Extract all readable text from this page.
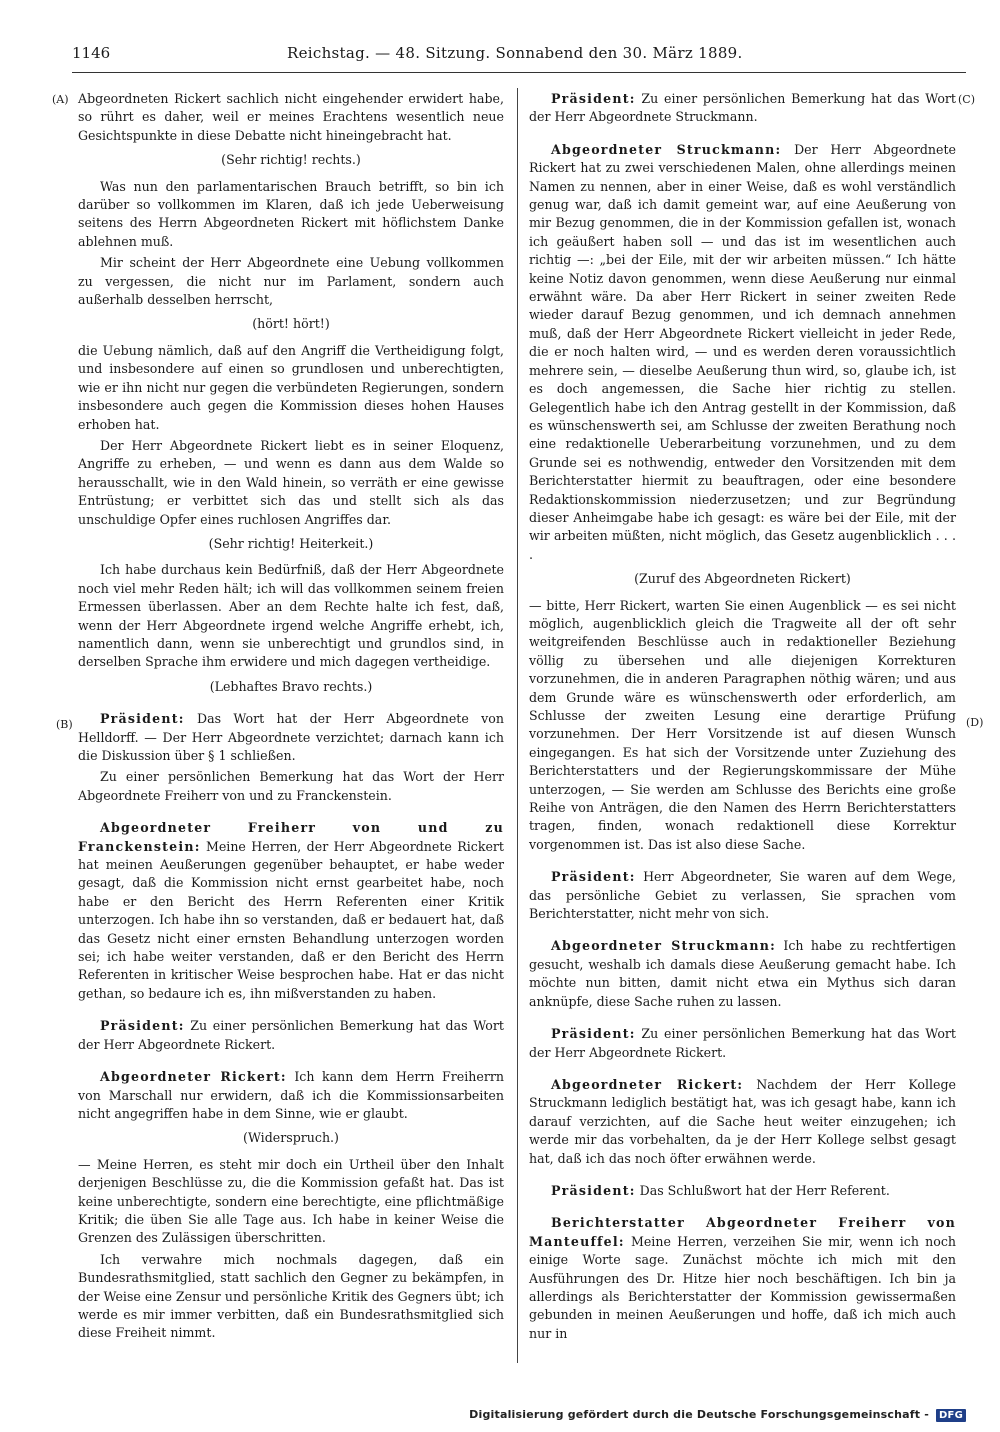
1146	Reichstag. — 48. Sitzung. Sonnabend den 30. März 1889.
(A)
(B)
(C)
(D)

Abgeordneten Rickert sachlich nicht eingehender erwidert habe, so rührt es daher, weil er meines Erachtens wesentlich neue Gesichtspunkte in diese Debatte nicht hineingebracht hat.

(Sehr richtig! rechts.)

Was nun den parlamentarischen Brauch betrifft, so bin ich darüber so vollkommen im Klaren, daß ich jede Ueberweisung seitens des Herrn Abgeordneten Rickert mit höflichstem Danke ablehnen muß.

Mir scheint der Herr Abgeordnete eine Uebung vollkommen zu vergessen, die nicht nur im Parlament, sondern auch außerhalb desselben herrscht,

(hört! hört!)

die Uebung nämlich, daß auf den Angriff die Vertheidigung folgt, und insbesondere auf einen so grundlosen und unberechtigten, wie er ihn nicht nur gegen die verbündeten Regierungen, sondern insbesondere auch gegen die Kommission dieses hohen Hauses erhoben hat.

Der Herr Abgeordnete Rickert liebt es in seiner Eloquenz, Angriffe zu erheben, — und wenn es dann aus dem Walde so herausschallt, wie in den Wald hinein, so verräth er eine gewisse Entrüstung; er verbittet sich das und stellt sich als das unschuldige Opfer eines ruchlosen Angriffes dar.

(Sehr richtig! Heiterkeit.)

Ich habe durchaus kein Bedürfniß, daß der Herr Abgeordnete noch viel mehr Reden hält; ich will das vollkommen seinem freien Ermessen überlassen. Aber an dem Rechte halte ich fest, daß, wenn der Herr Abgeordnete irgend welche Angriffe erhebt, ich, namentlich dann, wenn sie unberechtigt und grundlos sind, in derselben Sprache ihm erwidere und mich dagegen vertheidige.

(Lebhaftes Bravo rechts.)

Präsident: Das Wort hat der Herr Abgeordnete von Helldorff. — Der Herr Abgeordnete verzichtet; darnach kann ich die Diskussion über § 1 schließen.

Zu einer persönlichen Bemerkung hat das Wort der Herr Abgeordnete Freiherr von und zu Franckenstein.

Abgeordneter Freiherr von und zu Franckenstein: Meine Herren, der Herr Abgeordnete Rickert hat meinen Aeußerungen gegenüber behauptet, er habe weder gesagt, daß die Kommission nicht ernst gearbeitet habe, noch habe er den Bericht des Herrn Referenten einer Kritik unterzogen. Ich habe ihn so verstanden, daß er bedauert hat, daß das Gesetz nicht einer ernsten Behandlung unterzogen worden sei; ich habe weiter verstanden, daß er den Bericht des Herrn Referenten in kritischer Weise besprochen habe. Hat er das nicht gethan, so bedaure ich es, ihn mißverstanden zu haben.

Präsident: Zu einer persönlichen Bemerkung hat das Wort der Herr Abgeordnete Rickert.

Abgeordneter Rickert: Ich kann dem Herrn Freiherrn von Marschall nur erwidern, daß ich die Kommissionsarbeiten nicht angegriffen habe in dem Sinne, wie er glaubt.

(Widerspruch.)

— Meine Herren, es steht mir doch ein Urtheil über den Inhalt derjenigen Beschlüsse zu, die die Kommission gefaßt hat. Das ist keine unberechtigte, sondern eine berechtigte, eine pflichtmäßige Kritik; die üben Sie alle Tage aus. Ich habe in keiner Weise die Grenzen des Zulässigen überschritten.

Ich verwahre mich nochmals dagegen, daß ein Bundesrathsmitglied, statt sachlich den Gegner zu bekämpfen, in der Weise eine Zensur und persönliche Kritik des Gegners übt; ich werde es mir immer verbitten, daß ein Bundesrathsmitglied sich diese Freiheit nimmt.

Präsident: Zu einer persönlichen Bemerkung hat das Wort der Herr Abgeordnete Struckmann.

Abgeordneter Struckmann: Der Herr Abgeordnete Rickert hat zu zwei verschiedenen Malen, ohne allerdings meinen Namen zu nennen, aber in einer Weise, daß es wohl verständlich genug war, daß ich damit gemeint war, auf eine Aeußerung von mir Bezug genommen, die in der Kommission gefallen ist, wonach ich geäußert haben soll — und das ist im wesentlichen auch richtig —: „bei der Eile, mit der wir arbeiten müssen.“ Ich hätte keine Notiz davon genommen, wenn diese Aeußerung nur einmal erwähnt wäre. Da aber Herr Rickert in seiner zweiten Rede wieder darauf Bezug genommen, und ich demnach annehmen muß, daß der Herr Abgeordnete Rickert vielleicht in jeder Rede, die er noch halten wird, — und es werden deren voraussichtlich mehrere sein, — dieselbe Aeußerung thun wird, so, glaube ich, ist es doch angemessen, die Sache hier richtig zu stellen. Gelegentlich habe ich den Antrag gestellt in der Kommission, daß es wünschenswerth sei, am Schlusse der zweiten Berathung noch eine redaktionelle Ueberarbeitung vorzunehmen, und zu dem Grunde sei es nothwendig, entweder den Vorsitzenden mit dem Berichterstatter hiermit zu beauftragen, oder eine besondere Redaktionskommission niederzusetzen; und zur Begründung dieser Anheimgabe habe ich gesagt: es wäre bei der Eile, mit der wir arbeiten müßten, nicht möglich, das Gesetz augenblicklich . . . .

(Zuruf des Abgeordneten Rickert)

— bitte, Herr Rickert, warten Sie einen Augenblick — es sei nicht möglich, augenblicklich gleich die Tragweite all der oft sehr weitgreifenden Beschlüsse auch in redaktioneller Beziehung völlig zu übersehen und alle diejenigen Korrekturen vorzunehmen, die in anderen Paragraphen nöthig wären; und aus dem Grunde wäre es wünschenswerth oder erforderlich, am Schlusse der zweiten Lesung eine derartige Prüfung vorzunehmen. Der Herr Vorsitzende ist auf diesen Wunsch eingegangen. Es hat sich der Vorsitzende unter Zuziehung des Berichterstatters und der Regierungskommissare der Mühe unterzogen, — Sie werden am Schlusse des Berichts eine große Reihe von Anträgen, die den Namen des Herrn Berichterstatters tragen, finden, wonach redaktionell diese Korrektur vorgenommen ist. Das ist also diese Sache.

Präsident: Herr Abgeordneter, Sie waren auf dem Wege, das persönliche Gebiet zu verlassen, Sie sprachen vom Berichterstatter, nicht mehr von sich.

Abgeordneter Struckmann: Ich habe zu rechtfertigen gesucht, weshalb ich damals diese Aeußerung gemacht habe. Ich möchte nun bitten, damit nicht etwa ein Mythus sich daran anknüpfe, diese Sache ruhen zu lassen.

Präsident: Zu einer persönlichen Bemerkung hat das Wort der Herr Abgeordnete Rickert.

Abgeordneter Rickert: Nachdem der Herr Kollege Struckmann lediglich bestätigt hat, was ich gesagt habe, kann ich darauf verzichten, auf die Sache heut weiter einzugehen; ich werde mir das vorbehalten, da je der Herr Kollege selbst gesagt hat, daß ich das noch öfter erwähnen werde.

Präsident: Das Schlußwort hat der Herr Referent.

Berichterstatter Abgeordneter Freiherr von Manteuffel: Meine Herren, verzeihen Sie mir, wenn ich noch einige Worte sage. Zunächst möchte ich mich mit den Ausführungen des Dr. Hitze hier noch beschäftigen. Ich bin ja allerdings als Berichterstatter der Kommission gewissermaßen gebunden in meinen Aeußerungen und hoffe, daß ich mich auch nur in

Digitalisierung gefördert durch die Deutsche Forschungsgemeinschaft - DFG
